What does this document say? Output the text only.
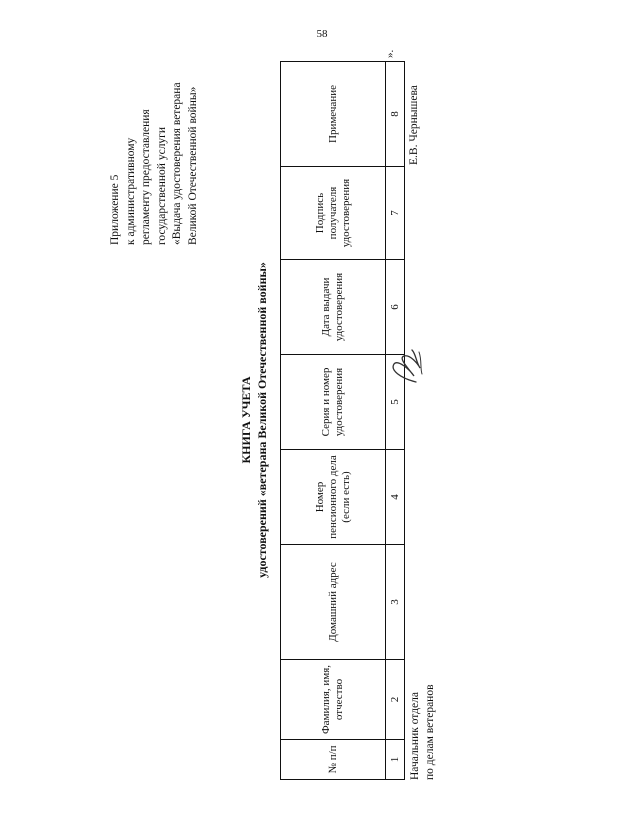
58
Приложение 5 к административному регламенту предоставления государственной услуги «Выдача удостоверения ветерана Великой Отечественной войны»
КНИГА УЧЕТА удостоверений «ветерана Великой Отечественной войны»
№ п/п	Фамилия, имя, отчество	Домашний адрес	Номер пенсионного дела (если есть)	Серия и номер удостоверения	Дата выдачи удостоверения	Подпись получателя удостоверения	Примечание
1	2	3	4	5	6	7	8
».
Начальник отдела по делам ветеранов
Е.В. Чернышева
